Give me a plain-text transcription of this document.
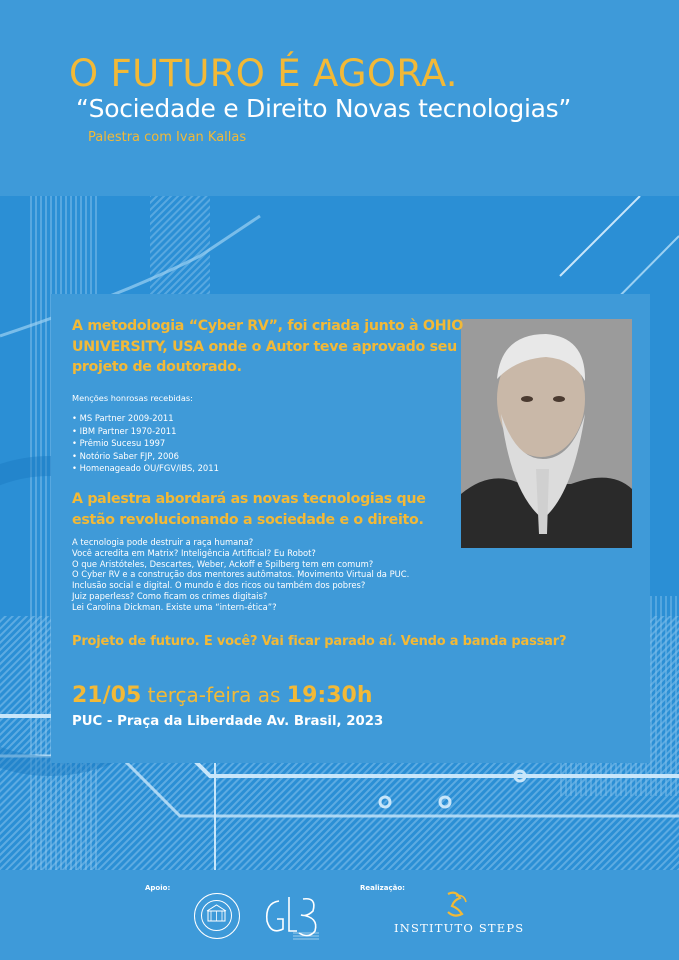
O FUTURO É AGORA.
“Sociedade e Direito Novas tecnologias”
Palestra com Ivan Kallas
A metodologia “Cyber RV”, foi criada junto à OHIO UNIVERSITY, USA onde o Autor teve aprovado seu projeto de doutorado.
Menções honrosas recebidas:
• MS Partner 2009-2011
• IBM Partner 1970-2011
• Prêmio Sucesu 1997
• Notório Saber FJP, 2006
• Homenageado OU/FGV/IBS, 2011
A palestra abordará as novas tecnologias que estão revolucionando a sociedade e o direito.
A tecnologia pode destruir a raça humana?
Você acredita em Matrix? Inteligência Artificial? Eu Robot?
O que Aristóteles, Descartes, Weber, Ackoff e Spilberg tem em comum?
O Cyber RV e a construção dos mentores autômatos. Movimento Virtual da PUC.
Inclusão social e digital. O mundo é dos ricos ou também dos pobres?
Juiz paperless? Como ficam os crimes digitais?
Lei Carolina Dickman. Existe uma “intern-ética”?
Projeto de futuro. E você? Vai ficar parado aí. Vendo a banda passar?
21/05 terça-feira as 19:30h
PUC - Praça da Liberdade Av. Brasil, 2023
Apoio:	Realização:
INSTITUTO STEPS
